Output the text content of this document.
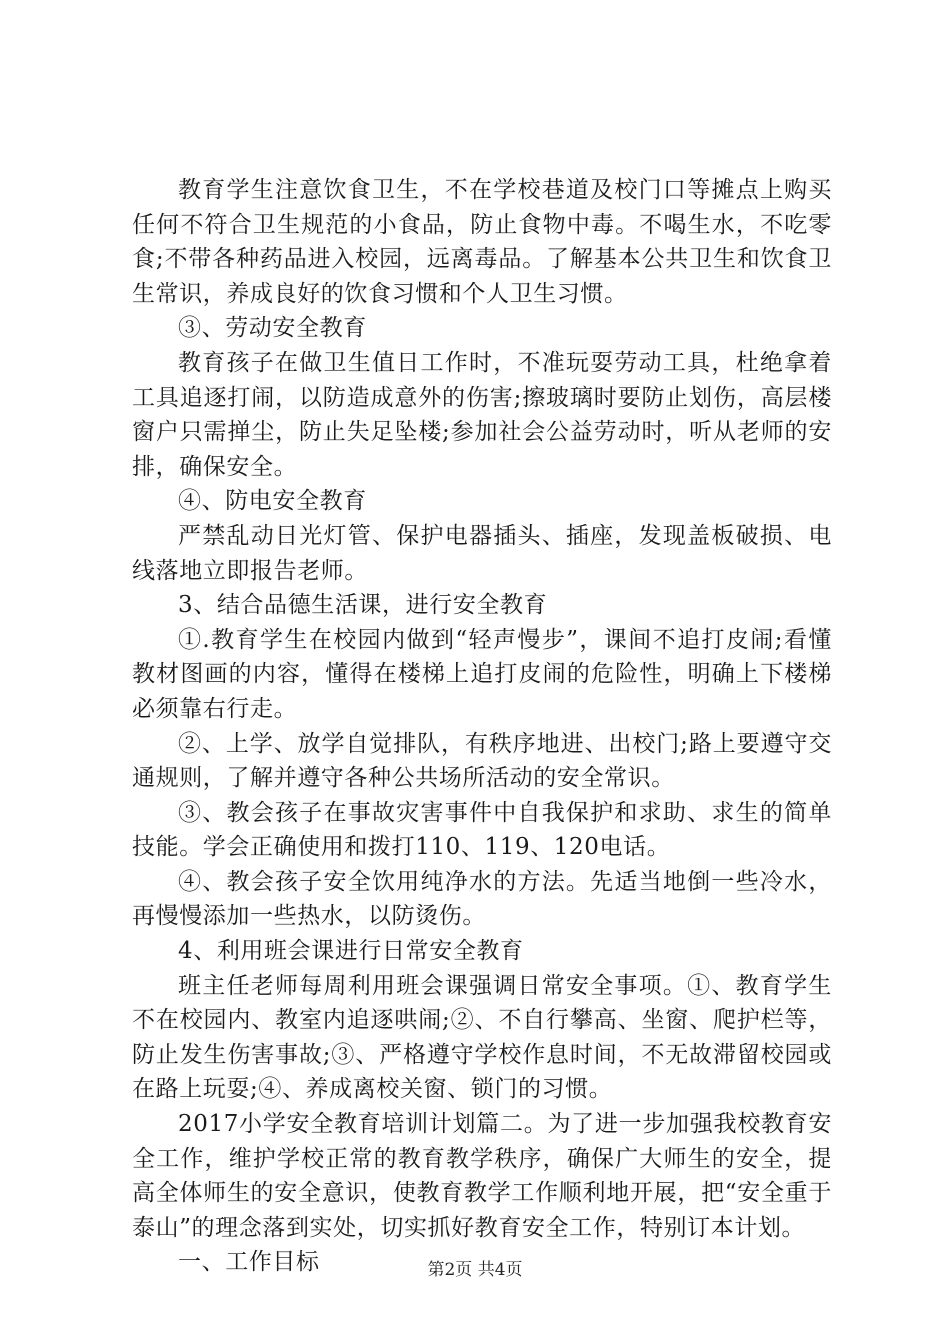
教育学生注意饮食卫生，不在学校巷道及校门口等摊点上购买任何不符合卫生规范的小食品，防止食物中毒。不喝生水，不吃零食;不带各种药品进入校园，远离毒品。了解基本公共卫生和饮食卫生常识，养成良好的饮食习惯和个人卫生习惯。

③、劳动安全教育

教育孩子在做卫生值日工作时，不准玩耍劳动工具，杜绝拿着工具追逐打闹，以防造成意外的伤害;擦玻璃时要防止划伤，高层楼窗户只需掸尘，防止失足坠楼;参加社会公益劳动时，听从老师的安排，确保安全。

④、防电安全教育

严禁乱动日光灯管、保护电器插头、插座，发现盖板破损、电线落地立即报告老师。

3、结合品德生活课，进行安全教育

①.教育学生在校园内做到“轻声慢步”，课间不追打皮闹;看懂教材图画的内容，懂得在楼梯上追打皮闹的危险性，明确上下楼梯必须靠右行走。

②、上学、放学自觉排队，有秩序地进、出校门;路上要遵守交通规则，了解并遵守各种公共场所活动的安全常识。

③、教会孩子在事故灾害事件中自我保护和求助、求生的简单技能。学会正确使用和拨打110、119、120电话。

④、教会孩子安全饮用纯净水的方法。先适当地倒一些冷水，再慢慢添加一些热水，以防烫伤。

4、利用班会课进行日常安全教育

班主任老师每周利用班会课强调日常安全事项。①、教育学生不在校园内、教室内追逐哄闹;②、不自行攀高、坐窗、爬护栏等，防止发生伤害事故;③、严格遵守学校作息时间，不无故滞留校园或在路上玩耍;④、养成离校关窗、锁门的习惯。

2017小学安全教育培训计划篇二。为了进一步加强我校教育安全工作，维护学校正常的教育教学秩序，确保广大师生的安全，提高全体师生的安全意识，使教育教学工作顺利地开展，把“安全重于泰山”的理念落到实处，切实抓好教育安全工作，特别订本计划。

一、工作目标	第2页 共4页
